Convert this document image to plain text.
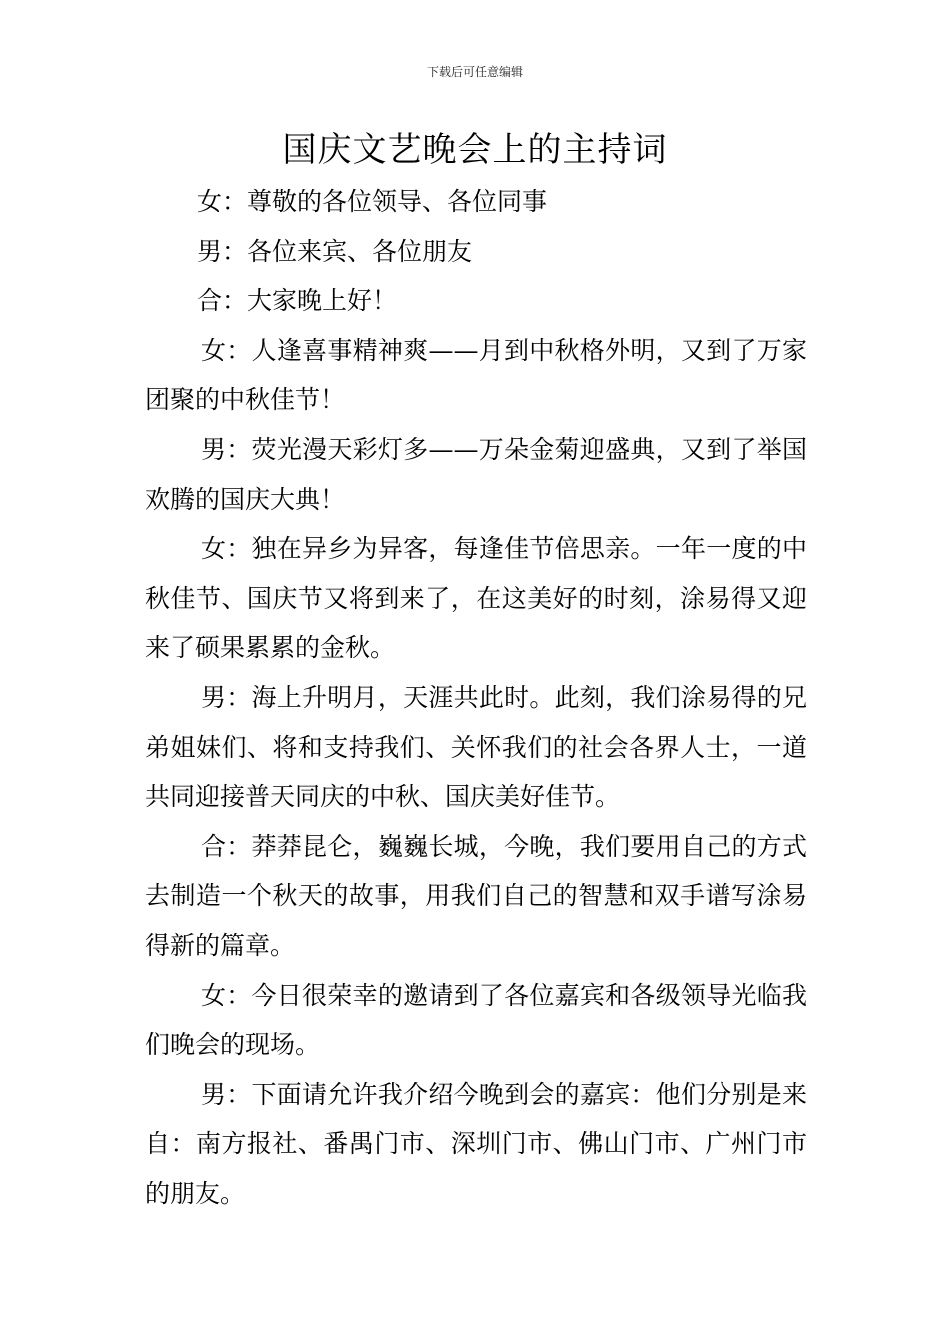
下载后可任意编辑
国庆文艺晚会上的主持词

女：尊敬的各位领导、各位同事

男：各位来宾、各位朋友

合：大家晚上好！

女：人逢喜事精神爽——月到中秋格外明，又到了万家团聚的中秋佳节！

男：荧光漫天彩灯多——万朵金菊迎盛典，又到了举国欢腾的国庆大典！

女：独在异乡为异客，每逢佳节倍思亲。一年一度的中秋佳节、国庆节又将到来了，在这美好的时刻，涂易得又迎来了硕果累累的金秋。

男：海上升明月，天涯共此时。此刻，我们涂易得的兄弟姐妹们、将和支持我们、关怀我们的社会各界人士，一道共同迎接普天同庆的中秋、国庆美好佳节。

合：莽莽昆仑，巍巍长城，今晚，我们要用自己的方式去制造一个秋天的故事，用我们自己的智慧和双手谱写涂易得新的篇章。

女：今日很荣幸的邀请到了各位嘉宾和各级领导光临我们晚会的现场。

男：下面请允许我介绍今晚到会的嘉宾：他们分别是来自：南方报社、番禺门市、深圳门市、佛山门市、广州门市的朋友。
